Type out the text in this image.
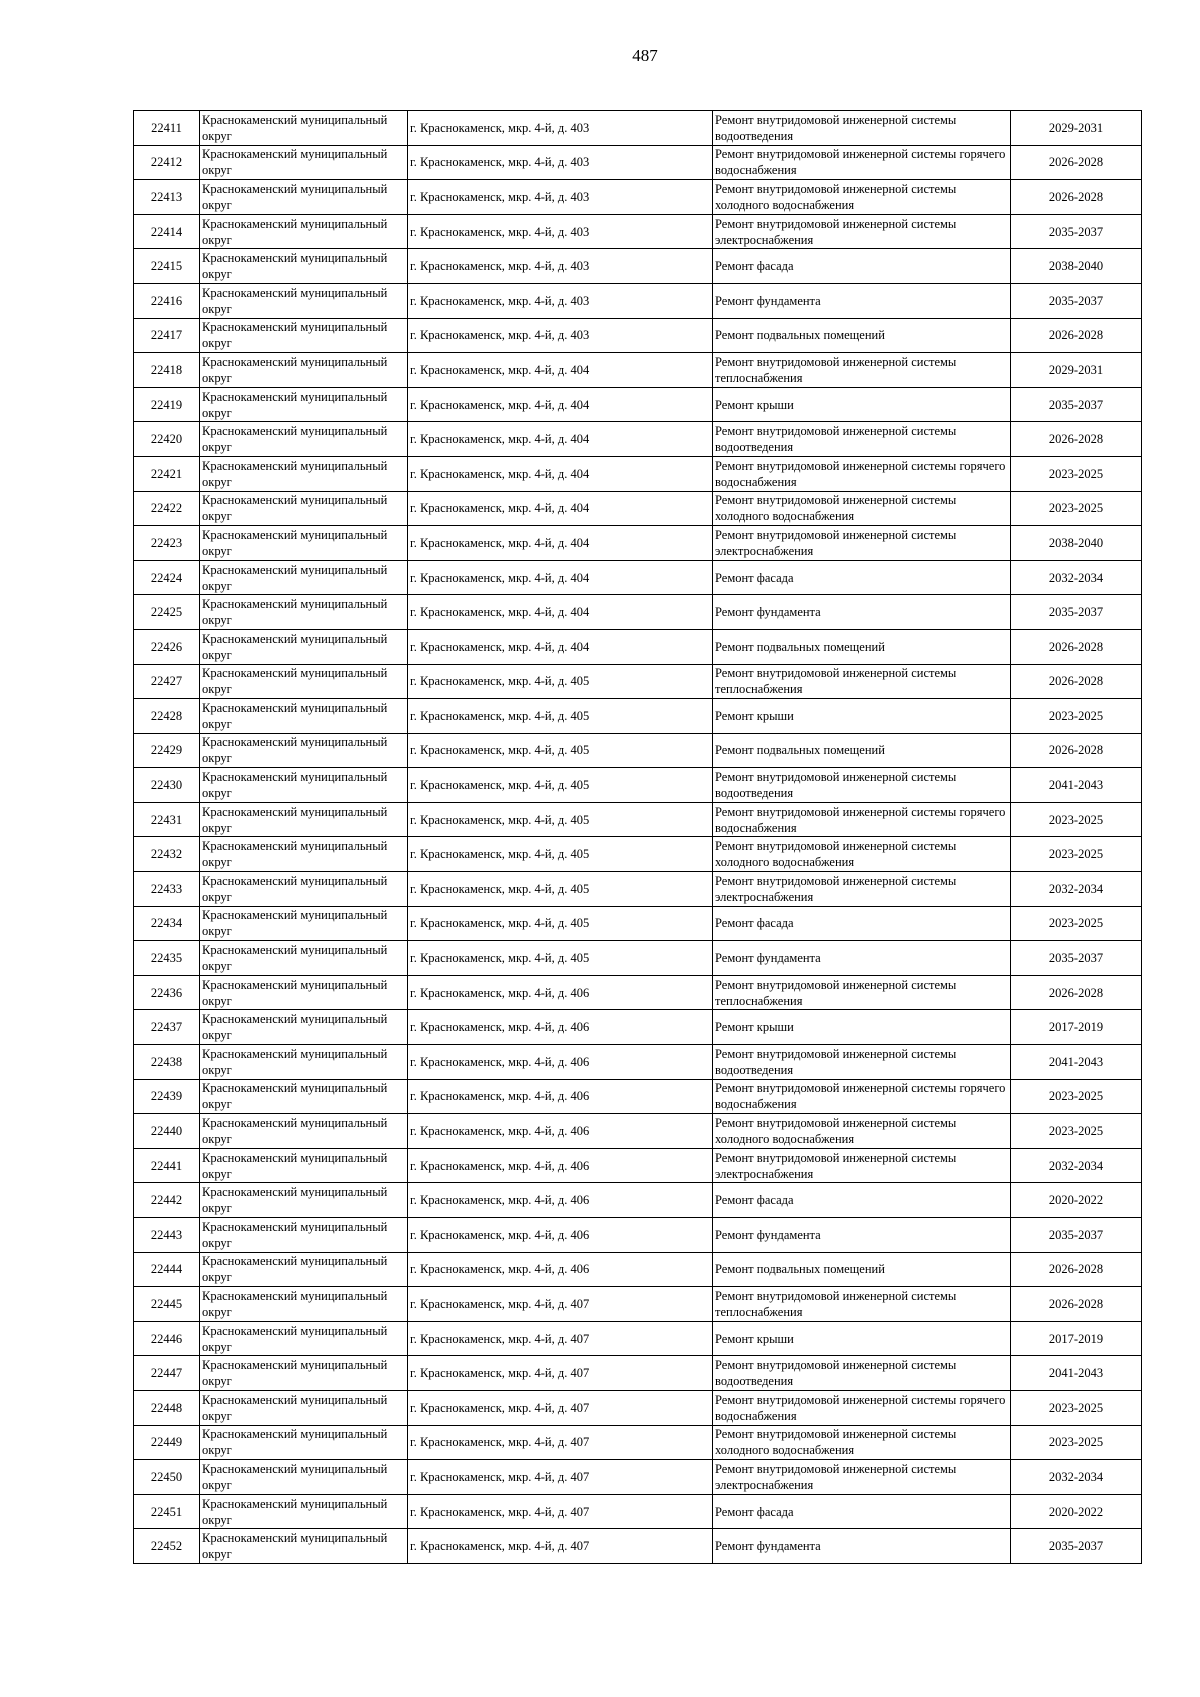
487
22411	Краснокаменский муниципальный округ	г. Краснокаменск, мкр. 4-й, д. 403	Ремонт внутридомовой инженерной системы водоотведения	2029-2031
22412	Краснокаменский муниципальный округ	г. Краснокаменск, мкр. 4-й, д. 403	Ремонт внутридомовой инженерной системы горячего водоснабжения	2026-2028
22413	Краснокаменский муниципальный округ	г. Краснокаменск, мкр. 4-й, д. 403	Ремонт внутридомовой инженерной системы холодного водоснабжения	2026-2028
22414	Краснокаменский муниципальный округ	г. Краснокаменск, мкр. 4-й, д. 403	Ремонт внутридомовой инженерной системы электроснабжения	2035-2037
22415	Краснокаменский муниципальный округ	г. Краснокаменск, мкр. 4-й, д. 403	Ремонт фасада	2038-2040
22416	Краснокаменский муниципальный округ	г. Краснокаменск, мкр. 4-й, д. 403	Ремонт фундамента	2035-2037
22417	Краснокаменский муниципальный округ	г. Краснокаменск, мкр. 4-й, д. 403	Ремонт подвальных помещений	2026-2028
22418	Краснокаменский муниципальный округ	г. Краснокаменск, мкр. 4-й, д. 404	Ремонт внутридомовой инженерной системы теплоснабжения	2029-2031
22419	Краснокаменский муниципальный округ	г. Краснокаменск, мкр. 4-й, д. 404	Ремонт крыши	2035-2037
22420	Краснокаменский муниципальный округ	г. Краснокаменск, мкр. 4-й, д. 404	Ремонт внутридомовой инженерной системы водоотведения	2026-2028
22421	Краснокаменский муниципальный округ	г. Краснокаменск, мкр. 4-й, д. 404	Ремонт внутридомовой инженерной системы горячего водоснабжения	2023-2025
22422	Краснокаменский муниципальный округ	г. Краснокаменск, мкр. 4-й, д. 404	Ремонт внутридомовой инженерной системы холодного водоснабжения	2023-2025
22423	Краснокаменский муниципальный округ	г. Краснокаменск, мкр. 4-й, д. 404	Ремонт внутридомовой инженерной системы электроснабжения	2038-2040
22424	Краснокаменский муниципальный округ	г. Краснокаменск, мкр. 4-й, д. 404	Ремонт фасада	2032-2034
22425	Краснокаменский муниципальный округ	г. Краснокаменск, мкр. 4-й, д. 404	Ремонт фундамента	2035-2037
22426	Краснокаменский муниципальный округ	г. Краснокаменск, мкр. 4-й, д. 404	Ремонт подвальных помещений	2026-2028
22427	Краснокаменский муниципальный округ	г. Краснокаменск, мкр. 4-й, д. 405	Ремонт внутридомовой инженерной системы теплоснабжения	2026-2028
22428	Краснокаменский муниципальный округ	г. Краснокаменск, мкр. 4-й, д. 405	Ремонт крыши	2023-2025
22429	Краснокаменский муниципальный округ	г. Краснокаменск, мкр. 4-й, д. 405	Ремонт подвальных помещений	2026-2028
22430	Краснокаменский муниципальный округ	г. Краснокаменск, мкр. 4-й, д. 405	Ремонт внутридомовой инженерной системы водоотведения	2041-2043
22431	Краснокаменский муниципальный округ	г. Краснокаменск, мкр. 4-й, д. 405	Ремонт внутридомовой инженерной системы горячего водоснабжения	2023-2025
22432	Краснокаменский муниципальный округ	г. Краснокаменск, мкр. 4-й, д. 405	Ремонт внутридомовой инженерной системы холодного водоснабжения	2023-2025
22433	Краснокаменский муниципальный округ	г. Краснокаменск, мкр. 4-й, д. 405	Ремонт внутридомовой инженерной системы электроснабжения	2032-2034
22434	Краснокаменский муниципальный округ	г. Краснокаменск, мкр. 4-й, д. 405	Ремонт фасада	2023-2025
22435	Краснокаменский муниципальный округ	г. Краснокаменск, мкр. 4-й, д. 405	Ремонт фундамента	2035-2037
22436	Краснокаменский муниципальный округ	г. Краснокаменск, мкр. 4-й, д. 406	Ремонт внутридомовой инженерной системы теплоснабжения	2026-2028
22437	Краснокаменский муниципальный округ	г. Краснокаменск, мкр. 4-й, д. 406	Ремонт крыши	2017-2019
22438	Краснокаменский муниципальный округ	г. Краснокаменск, мкр. 4-й, д. 406	Ремонт внутридомовой инженерной системы водоотведения	2041-2043
22439	Краснокаменский муниципальный округ	г. Краснокаменск, мкр. 4-й, д. 406	Ремонт внутридомовой инженерной системы горячего водоснабжения	2023-2025
22440	Краснокаменский муниципальный округ	г. Краснокаменск, мкр. 4-й, д. 406	Ремонт внутридомовой инженерной системы холодного водоснабжения	2023-2025
22441	Краснокаменский муниципальный округ	г. Краснокаменск, мкр. 4-й, д. 406	Ремонт внутридомовой инженерной системы электроснабжения	2032-2034
22442	Краснокаменский муниципальный округ	г. Краснокаменск, мкр. 4-й, д. 406	Ремонт фасада	2020-2022
22443	Краснокаменский муниципальный округ	г. Краснокаменск, мкр. 4-й, д. 406	Ремонт фундамента	2035-2037
22444	Краснокаменский муниципальный округ	г. Краснокаменск, мкр. 4-й, д. 406	Ремонт подвальных помещений	2026-2028
22445	Краснокаменский муниципальный округ	г. Краснокаменск, мкр. 4-й, д. 407	Ремонт внутридомовой инженерной системы теплоснабжения	2026-2028
22446	Краснокаменский муниципальный округ	г. Краснокаменск, мкр. 4-й, д. 407	Ремонт крыши	2017-2019
22447	Краснокаменский муниципальный округ	г. Краснокаменск, мкр. 4-й, д. 407	Ремонт внутридомовой инженерной системы водоотведения	2041-2043
22448	Краснокаменский муниципальный округ	г. Краснокаменск, мкр. 4-й, д. 407	Ремонт внутридомовой инженерной системы горячего водоснабжения	2023-2025
22449	Краснокаменский муниципальный округ	г. Краснокаменск, мкр. 4-й, д. 407	Ремонт внутридомовой инженерной системы холодного водоснабжения	2023-2025
22450	Краснокаменский муниципальный округ	г. Краснокаменск, мкр. 4-й, д. 407	Ремонт внутридомовой инженерной системы электроснабжения	2032-2034
22451	Краснокаменский муниципальный округ	г. Краснокаменск, мкр. 4-й, д. 407	Ремонт фасада	2020-2022
22452	Краснокаменский муниципальный округ	г. Краснокаменск, мкр. 4-й, д. 407	Ремонт фундамента	2035-2037
